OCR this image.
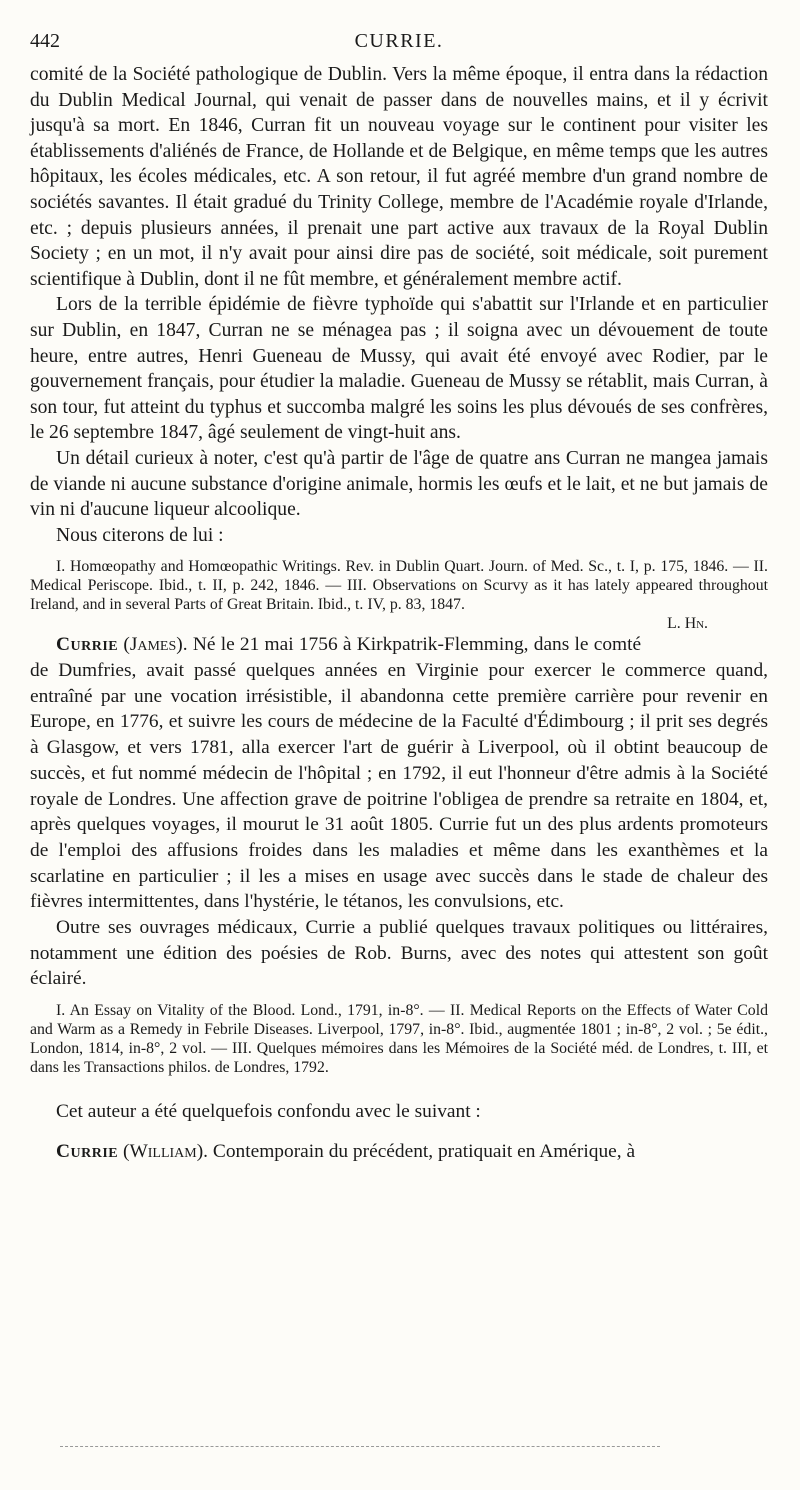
442	CURRIE.

comité de la Société pathologique de Dublin. Vers la même époque, il entra dans la rédaction du Dublin Medical Journal, qui venait de passer dans de nouvelles mains, et il y écrivit jusqu'à sa mort. En 1846, Curran fit un nouveau voyage sur le continent pour visiter les établissements d'aliénés de France, de Hollande et de Belgique, en même temps que les autres hôpitaux, les écoles médicales, etc. A son retour, il fut agréé membre d'un grand nombre de sociétés savantes. Il était gradué du Trinity College, membre de l'Académie royale d'Irlande, etc. ; depuis plusieurs années, il prenait une part active aux travaux de la Royal Dublin Society ; en un mot, il n'y avait pour ainsi dire pas de société, soit médicale, soit purement scientifique à Dublin, dont il ne fût membre, et généralement membre actif.

Lors de la terrible épidémie de fièvre typhoïde qui s'abattit sur l'Irlande et en particulier sur Dublin, en 1847, Curran ne se ménagea pas ; il soigna avec un dévouement de toute heure, entre autres, Henri Gueneau de Mussy, qui avait été envoyé avec Rodier, par le gouvernement français, pour étudier la maladie. Gueneau de Mussy se rétablit, mais Curran, à son tour, fut atteint du typhus et succomba malgré les soins les plus dévoués de ses confrères, le 26 septembre 1847, âgé seulement de vingt-huit ans.

Un détail curieux à noter, c'est qu'à partir de l'âge de quatre ans Curran ne mangea jamais de viande ni aucune substance d'origine animale, hormis les œufs et le lait, et ne but jamais de vin ni d'aucune liqueur alcoolique.

Nous citerons de lui :

I. Homœopathy and Homœopathic Writings. Rev. in Dublin Quart. Journ. of Med. Sc., t. I, p. 175, 1846. — II. Medical Periscope. Ibid., t. II, p. 242, 1846. — III. Observations on Scurvy as it has lately appeared throughout Ireland, and in several Parts of Great Britain. Ibid., t. IV, p. 83, 1847.
L. Hn.

Currie (James). Né le 21 mai 1756 à Kirkpatrik-Flemming, dans le comté de Dumfries, avait passé quelques années en Virginie pour exercer le commerce quand, entraîné par une vocation irrésistible, il abandonna cette première carrière pour revenir en Europe, en 1776, et suivre les cours de médecine de la Faculté d'Édimbourg ; il prit ses degrés à Glasgow, et vers 1781, alla exercer l'art de guérir à Liverpool, où il obtint beaucoup de succès, et fut nommé médecin de l'hôpital ; en 1792, il eut l'honneur d'être admis à la Société royale de Londres. Une affection grave de poitrine l'obligea de prendre sa retraite en 1804, et, après quelques voyages, il mourut le 31 août 1805. Currie fut un des plus ardents promoteurs de l'emploi des affusions froides dans les maladies et même dans les exanthèmes et la scarlatine en particulier ; il les a mises en usage avec succès dans le stade de chaleur des fièvres intermittentes, dans l'hystérie, le tétanos, les convulsions, etc.

Outre ses ouvrages médicaux, Currie a publié quelques travaux politiques ou littéraires, notamment une édition des poésies de Rob. Burns, avec des notes qui attestent son goût éclairé.

I. An Essay on Vitality of the Blood. Lond., 1791, in-8°. — II. Medical Reports on the Effects of Water Cold and Warm as a Remedy in Febrile Diseases. Liverpool, 1797, in-8°. Ibid., augmentée 1801 ; in-8°, 2 vol. ; 5e édit., London, 1814, in-8°, 2 vol. — III. Quelques mémoires dans les Mémoires de la Société méd. de Londres, t. III, et dans les Transactions philos. de Londres, 1792.

Cet auteur a été quelquefois confondu avec le suivant :

Currie (William). Contemporain du précédent, pratiquait en Amérique, à
